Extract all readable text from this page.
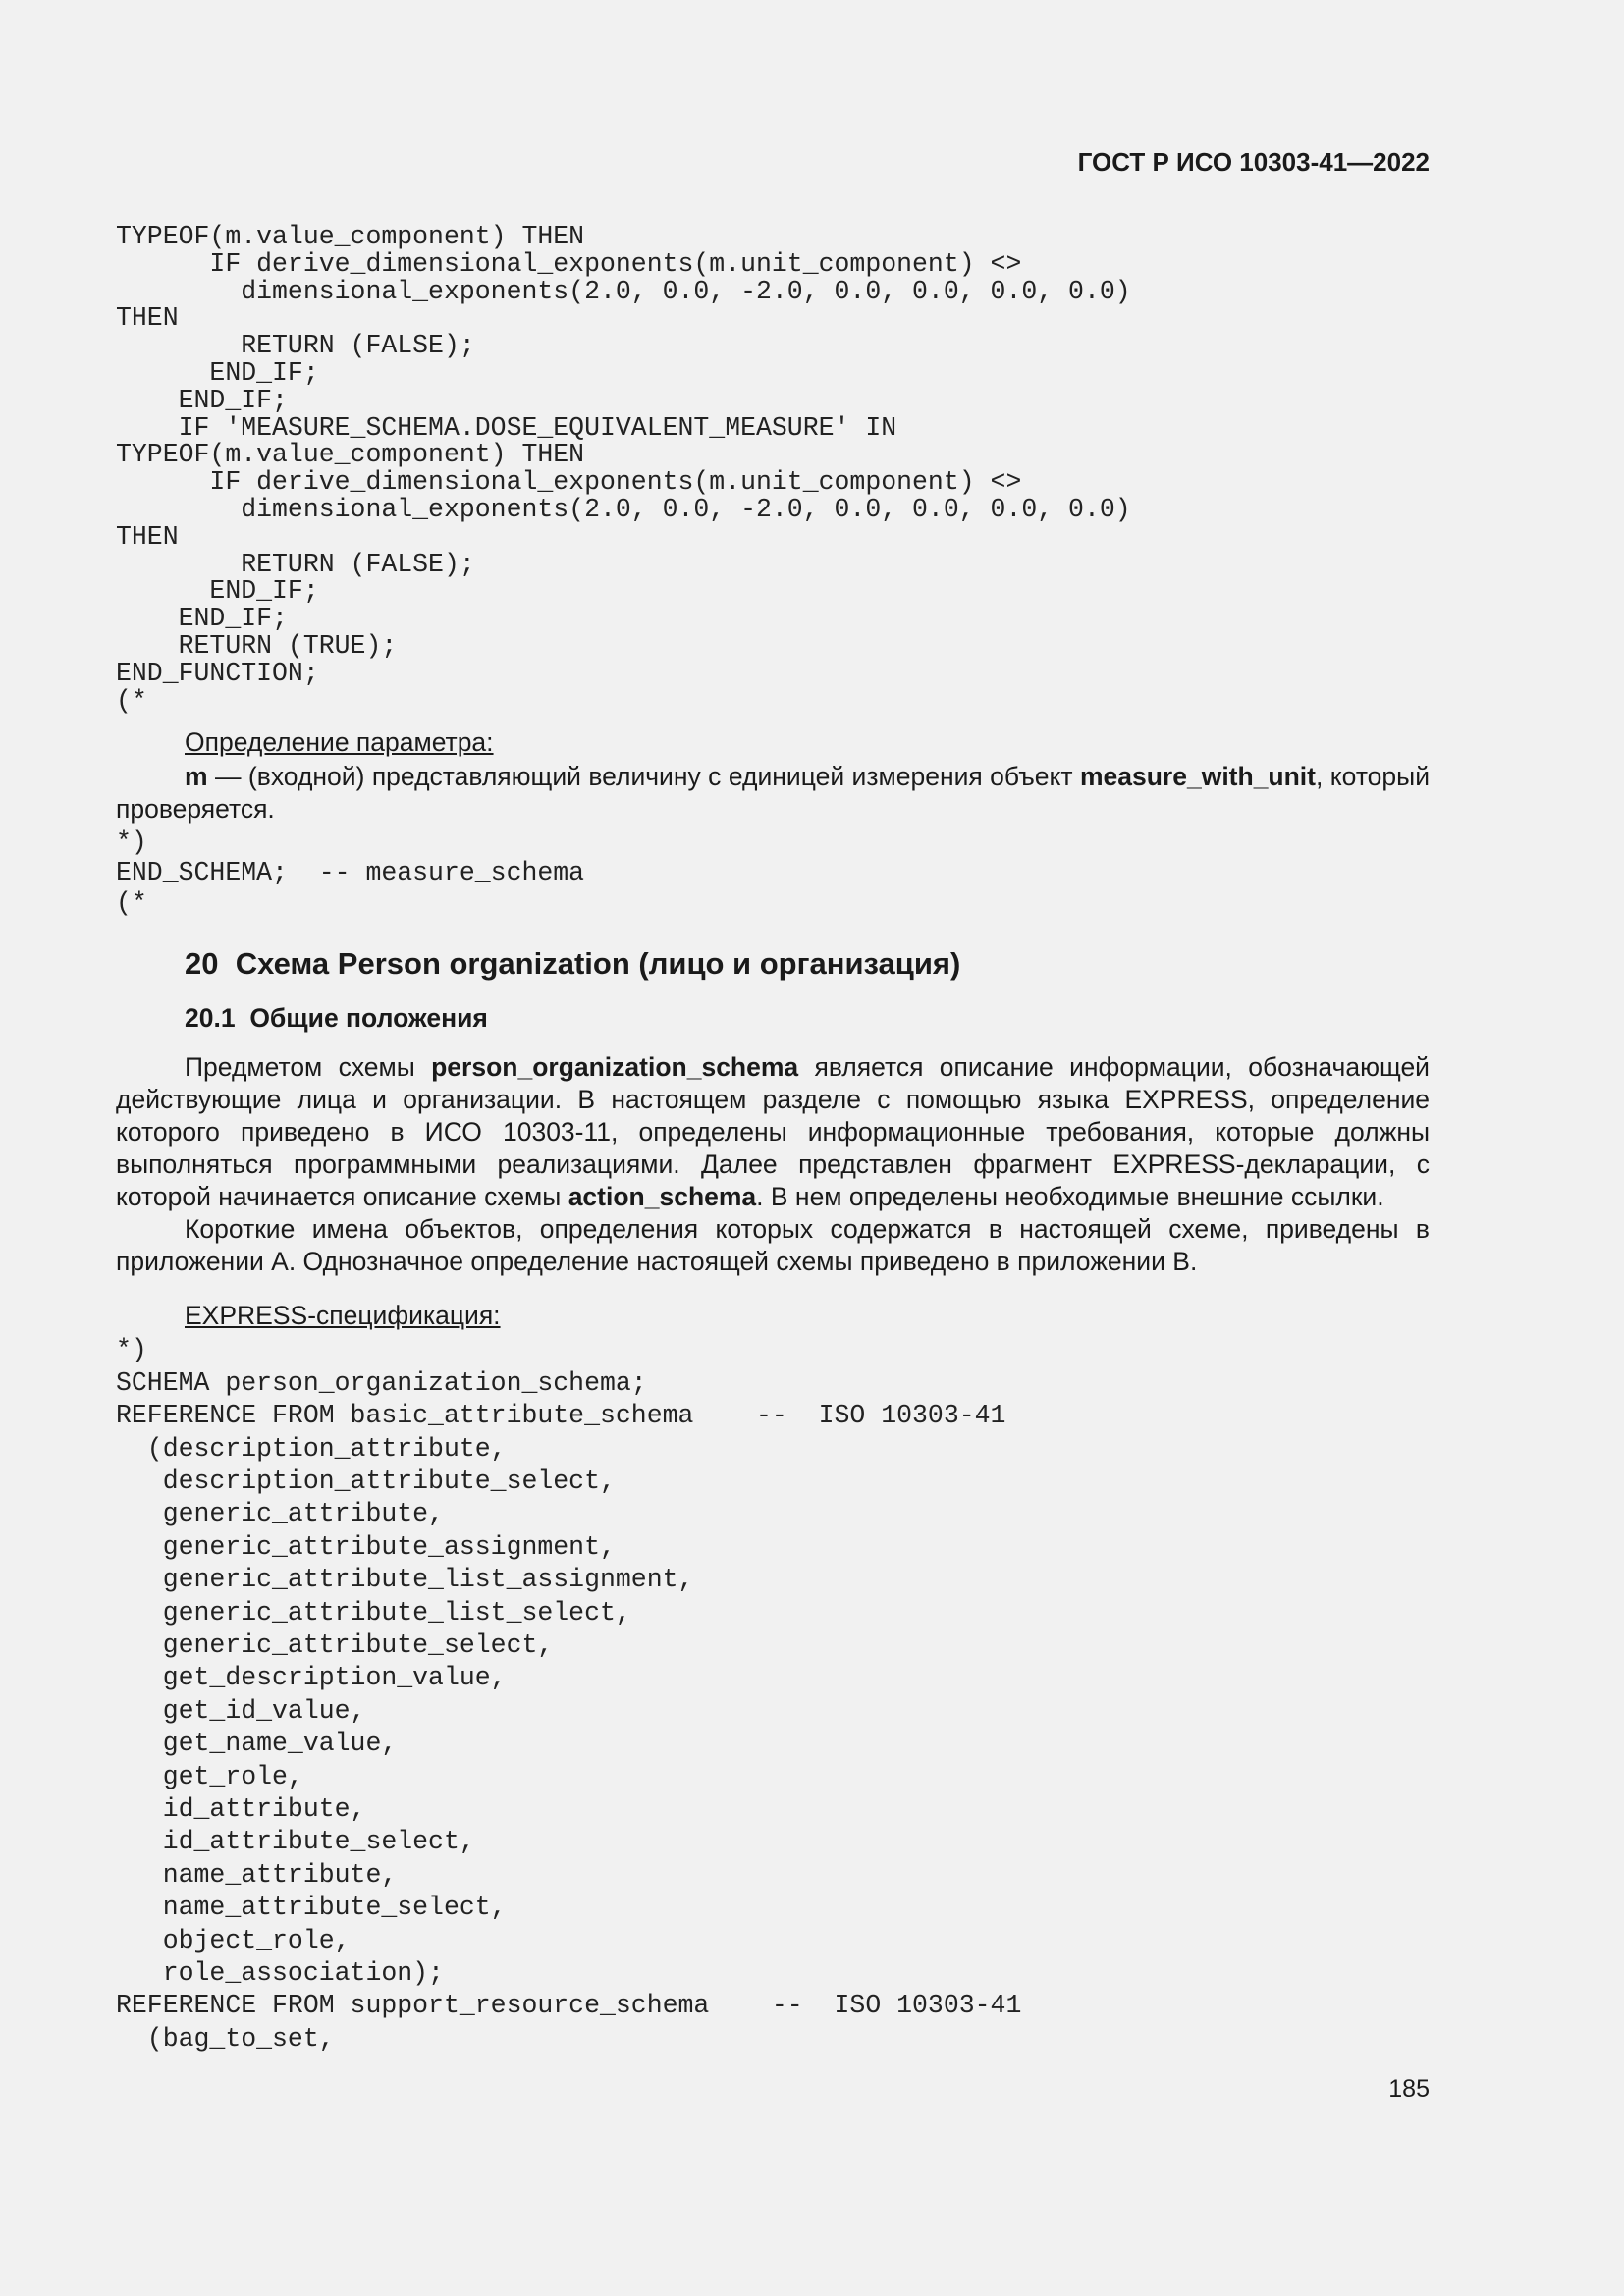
ГОСТ Р ИСО 10303-41—2022
TYPEOF(m.value_component) THEN
IF derive_dimensional_exponents(m.unit_component) <>
dimensional_exponents(2.0, 0.0, -2.0, 0.0, 0.0, 0.0, 0.0)
THEN
RETURN (FALSE);
END_IF;
END_IF;
IF 'MEASURE_SCHEMA.DOSE_EQUIVALENT_MEASURE' IN
TYPEOF(m.value_component) THEN
IF derive_dimensional_exponents(m.unit_component) <>
dimensional_exponents(2.0, 0.0, -2.0, 0.0, 0.0, 0.0, 0.0)
THEN
RETURN (FALSE);
END_IF;
END_IF;
RETURN (TRUE);
END_FUNCTION;
(*

Определение параметра:

m — (входной) представляющий величину с единицей измерения объект measure_with_unit, который проверяется.

*)
END_SCHEMA;  -- measure_schema
(*
20 Схема Person organization (лицо и организация)
20.1 Общие положения

Предметом схемы person_organization_schema является описание информации, обозначающей действующие лица и организации. В настоящем разделе с помощью языка EXPRESS, определение которого приведено в ИСО 10303-11, определены информационные требования, которые должны выполняться программными реализациями. Далее представлен фрагмент EXPRESS-декларации, с которой начинается описание схемы action_schema. В нем определены необходимые внешние ссылки.

Короткие имена объектов, определения которых содержатся в настоящей схеме, приведены в приложении А. Однозначное определение настоящей схемы приведено в приложении В.

EXPRESS-спецификация:

*)
SCHEMA person_organization_schema;
REFERENCE FROM basic_attribute_schema    --  ISO 10303-41
(description_attribute,
description_attribute_select,
generic_attribute,
generic_attribute_assignment,
generic_attribute_list_assignment,
generic_attribute_list_select,
generic_attribute_select,
get_description_value,
get_id_value,
get_name_value,
get_role,
id_attribute,
id_attribute_select,
name_attribute,
name_attribute_select,
object_role,
role_association);
REFERENCE FROM support_resource_schema    --  ISO 10303-41
(bag_to_set,
185
